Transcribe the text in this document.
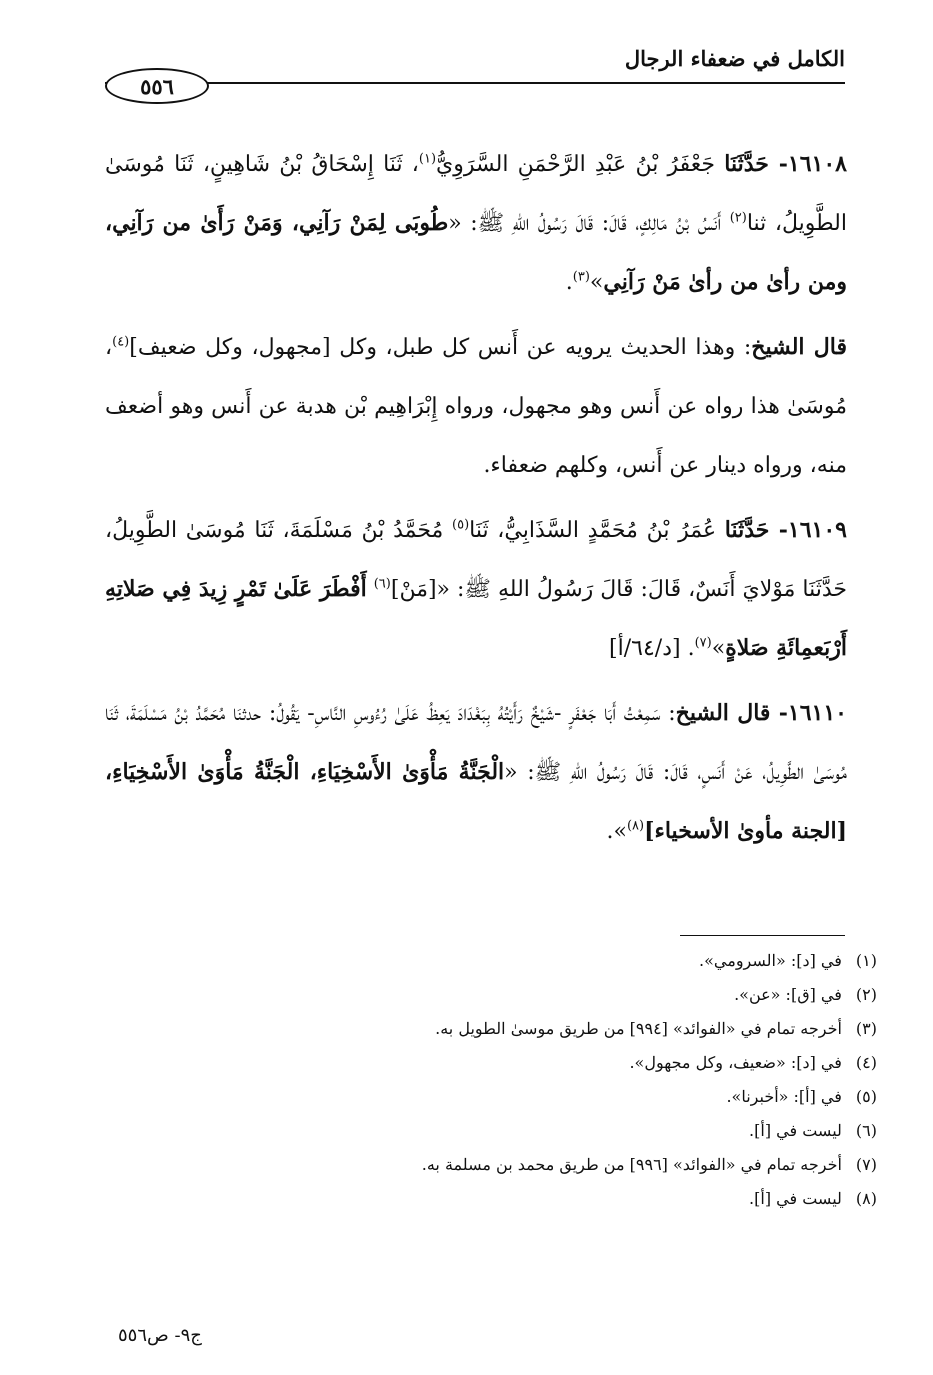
الكامل في ضعفاء الرجال
٥٥٦

١٦١٠٨- حَدَّثَنَا جَعْفَرُ بْنُ عَبْدِ الرَّحْمَنِ السَّرَوِيُّ$^{(١)}$، ثَنَا إِسْحَاقُ بْنُ شَاهِينٍ، ثَنَا مُوسَىٰ الطَّوِيلُ، ثنا$^{(٢)}$ أَنَسُ بْنُ مَالِكٍ، قَالَ: قَالَ رَسُولُ اللهِ ﷺ: «طُوبَى لِمَنْ رَآنِي، وَمَنْ رَأَىٰ من رَآنِي، ومن رأىٰ من رأىٰ مَنْ رَآنِي»$^{(٣)}$.

قال الشيخ: وهذا الحديث يرويه عن أَنس كل طبل، وكل [مجهول، وكل ضعيف]$^{(٤)}$، مُوسَىٰ هذا رواه عن أَنس وهو مجهول، ورواه إِبْرَاهِيم بْن هدبة عن أَنس وهو أضعف منه، ورواه دينار عن أَنس، وكلهم ضعفاء.

١٦١٠٩- حَدَّثَنَا عُمَرُ بْنُ مُحَمَّدٍ السَّذَابِيُّ، ثَنَا$^{(٥)}$ مُحَمَّدُ بْنُ مَسْلَمَةَ، ثَنَا مُوسَىٰ الطَّوِيلُ، حَدَّثَنَا مَوْلايَ أَنَسٌ، قَالَ: قَالَ رَسُولُ اللهِ ﷺ: «[مَنْ]$^{(٦)}$ أَفْطَرَ عَلَىٰ تَمْرٍ زِيدَ فِي صَلاتِهِ أَرْبَعمِائَةِ صَلاةٍ»$^{(٧)}$. [د/٦٤/أ]

١٦١١٠- قال الشيخ: سَمِعْتُ أَبَا جَعْفَرٍ -شَيْخٌ رَأَيْتُهُ بِبَغْدَادَ يَعِظُ عَلَىٰ رُءُوسِ النَّاسِ- يَقُولُ: حدثنَا مُحَمَّدُ بْنُ مَسْلَمَةَ، ثَنَا مُوسَىٰ الطَّوِيلُ، عَنْ أَنَسٍ، قَالَ: قَالَ رَسُولُ اللهِ ﷺ: «الْجَنَّةُ مَأْوَىٰ الأَسْخِيَاءِ، الْجَنَّةُ مَأْوَىٰ الأَسْخِيَاءِ، [الجنة مأوىٰ الأسخياء]$^{(٨)}$».

(١) في [د]: «السرومي».
(٢) في [ق]: «عن».
(٣) أخرجه تمام في «الفوائد» [٩٩٤] من طريق موسىٰ الطويل به.
(٤) في [د]: «ضعيف، وكل مجهول».
(٥) في [أ]: «أخبرنا».
(٦) ليست في [أ].
(٧) أخرجه تمام في «الفوائد» [٩٩٦] من طريق محمد بن مسلمة به.
(٨) ليست في [أ].
ج٩- ص٥٥٦
